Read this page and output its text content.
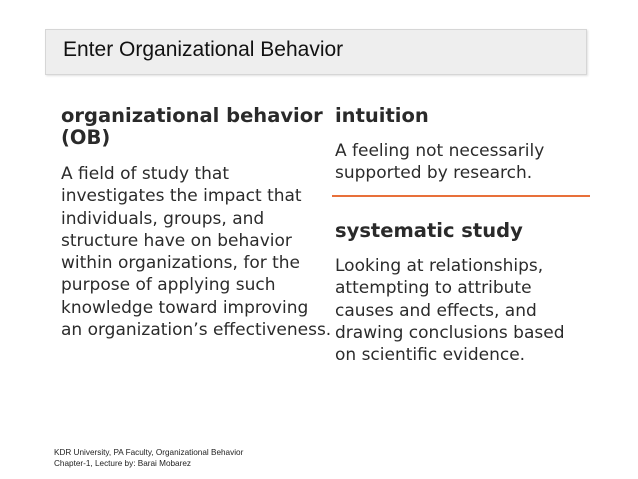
Enter Organizational Behavior
organizational behavior
(OB)
A field of study that
investigates the impact that
individuals, groups, and
structure have on behavior
within organizations, for the
purpose of applying such
knowledge toward improving
an organization’s effectiveness.
intuition
A feeling not necessarily
supported by research.
systematic study
Looking at relationships,
attempting to attribute
causes and effects, and
drawing conclusions based
on scientific evidence.
KDR University, PA Faculty, Organizational Behavior
Chapter-1, Lecture by: Barai Mobarez
